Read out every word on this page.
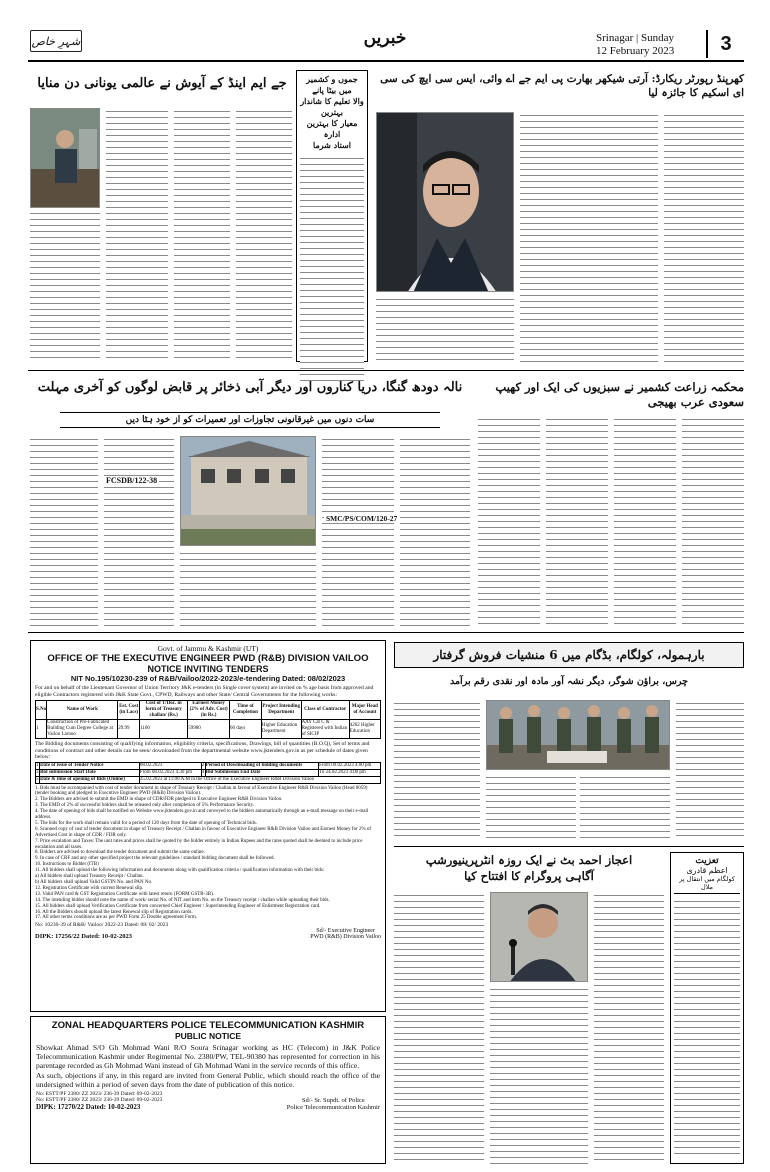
شہرِ خاص	خبریں	Srinagar | Sunday
12 February 2023 3
کھرپنڈ رپورٹر ریکارڈ: آرتی شیکھر بھارت پی ایم جے اے وائی، ایس سی ایچ کی سی ای اسکیم کا جائزہ لیا
جموں و کشمیر میں بیٹا پانے
والا تعلیم کا شاندار بہترین
معیار کا بہترین ادارہ
استاد شرما
جے ایم اینڈ کے آیوش نے عالمی یونانی دن منایا
محکمہ زراعت کشمیر نے سبزیوں کی ایک اور کھیپ سعودی عرب بھیجی
نالہ دودھ گنگا، دریا کناروں اور دیگر آبی ذخائر پر قابض لوگوں کو آخری مہلت
سات دنوں میں غیرقانونی تجاوزات اور تعمیرات کو از خود ہٹا دیں
FCSDB/122-38
SMC/PS/COM/120-27
Govt. of Jammu & Kashmir (UT)
OFFICE OF THE EXECUTIVE ENGINEER PWD (R&B) DIVISION VAILOO
NOTICE INVITING TENDERS
NIT No.195/10230-239 of R&B/Vailoo/2022-2023/e-tendering Dated: 08/02/2023
For and on behalf of the Lieutenant Governor of Union Territory J&K e-tenders (in Single cover system) are invited on % age basis from approved and eligible Contractors registered with J&K State Govt., CPWD, Railways and other State/ Central Governments for the following works:
S.No	Name of Work	Est. Cost (in Lacs)	Cost of T/Doc. in form of Treasury challan/ (Rs.)	Earnest Money (2% of Adv. Cost) (in Rs.)	Time of Completion	Project Intending Department	Class of Contractor	Major Head of Account
1	Construction of Pre-Fabricated Building Cum Degree College at Vailoo Larnoo	29.99	1100	59980	60 days	Higher Education Department	AAY Cat C & Registered with Indian of SICIP	4202 Higher Education
The Bidding documents consisting of qualifying information, eligibility criteria, specifications, Drawings, bill of quantities (B.O.Q), Set of terms and conditions of contract and other details can be seen/ downloaded from the departmental website www.jktenders.gov.in as per schedule of dates given below:
1	Date of issue of Tender Notice	08.02.2023	2	Period of Downloading of bidding documents	From 09.02.2023 4.00 pm
3	Bid submission Start Date	From 08.02.2023 4.30 pm	4	Bid Submission End Date	To 24.02.2023 4.00 pm
5	Date & time of opening of Bids (Online)	25.02.2023 at 11:00 A.M in the Office of the Executive Engineer R&B Division Vailoo			
1. Bids must be accompanied with cost of tender document in shape of Treasury Receipt / Challan in favour of Executive Engineer R&B Division Vailoo (Head 0059) (tender booking and pledged to Executive Engineer PWD (R&B) Division Vailoo).
2. The Bidders are advised to submit the EMD in shape of CDR/FDR pledged to Executive Engineer R&B Division Vailoo.
3. The EMD of 2% of successful bidders shall be released only after completion of 5% Performance Security.
4. The date of opening of bids shall be notified on Website www.jktenders.gov.in and conveyed to the bidders automatically through an e-mail message on their e-mail address.
5. The bids for the work shall remain valid for a period of 120 days from the date of opening of Technical bids.
6. Scanned copy of cost of tender document in shape of Treasury Receipt / Challan in favour of Executive Engineer R&B Division Vailoo and Earnest Money for 2% of Advertised Cost in shape of CDR / FDR only.
7. Price escalation and Taxes: The unit rates and prices shall be quoted by the bidder entirely in Indian Rupees and the rates quoted shall be deemed to include price escalation and all taxes.
8. Bidders are advised to download the tender document and submit the same online.
9. In case of CRF and any other specified project the relevant guidelines / standard bidding document shall be followed.
10. Instructions to Bidder (ITB)
11. All bidders shall upload the following information and documents along with qualification criteria / qualification information with their bids:
a) All bidders shall upload Treasury Receipt / Challan.
b) All bidders shall upload Valid GSTIN No. and PAN No.
12. Registration Certificate with current Renewal slip.
13. Valid PAN card & GST Registration Certificate with latest return (FORM GSTR-3B).
14. The intending bidder should note the name of work/ serial No. of NIT and item No. on the Treasury receipt / challan while uploading their bids.
15. All bidders shall upload Verification Certificate from concerned Chief Engineer / Superintending Engineer of Enlistment Registration card.
16. All the Bidders should upload the latest Renewal slip of Registration cards.
17. All other terms conditions are as per PWD Form 25 Double agreement Form.
No: 10230-39 of R&B/ Vailoo/ 2022-23 Dated: 08/ 02/ 2023
DIPK: 17256/22 Dated: 10-02-2023
Sd/- Executive Engineer
PWD (R&B) Division Vailoo
ZONAL HEADQUARTERS POLICE TELECOMMUNICATION KASHMIR
PUBLIC NOTICE
Showkat Ahmad S/O Gh Mohmad Wani R/O Soura Srinagar working as HC (Telecom) in J&K Police Telecommunication Kashmir under Regimental No. 2380/PW, TEL-90380 has represented for correction in his parentage recorded as Gh Mohmad Wani instead of Gh Mohmad Wani in the service records of this office.
As such, objections if any, in this regard are invited from General Public, which should reach the office of the undersigned within a period of seven days from the date of publication of this notice.
No: ESTT/PF 2380/ ZZ 2023/ 236-39 Dated: 09-02-2023
No: ESTT/PF 2380/ ZZ 2023/ 236-39 Dated: 09-02-2023
DIPK: 17270/22 Dated: 10-02-2023
Sd/- Sr. Supdt. of Police
Police Telecommunication Kashmir
بارہمولہ، کولگام، بڈگام میں 6 منشیات فروش گرفتار
چرس، براؤن شوگر، دیگر نشہ آور مادہ اور نقدی رقم برآمد
اعجاز احمد بٹ نے ایک روزہ انٹرپرینیورشپ
آگاہی پروگرام کا افتتاح کیا
تعزیت
اعظم قادری
کولگام میں انتقال پر ملال
